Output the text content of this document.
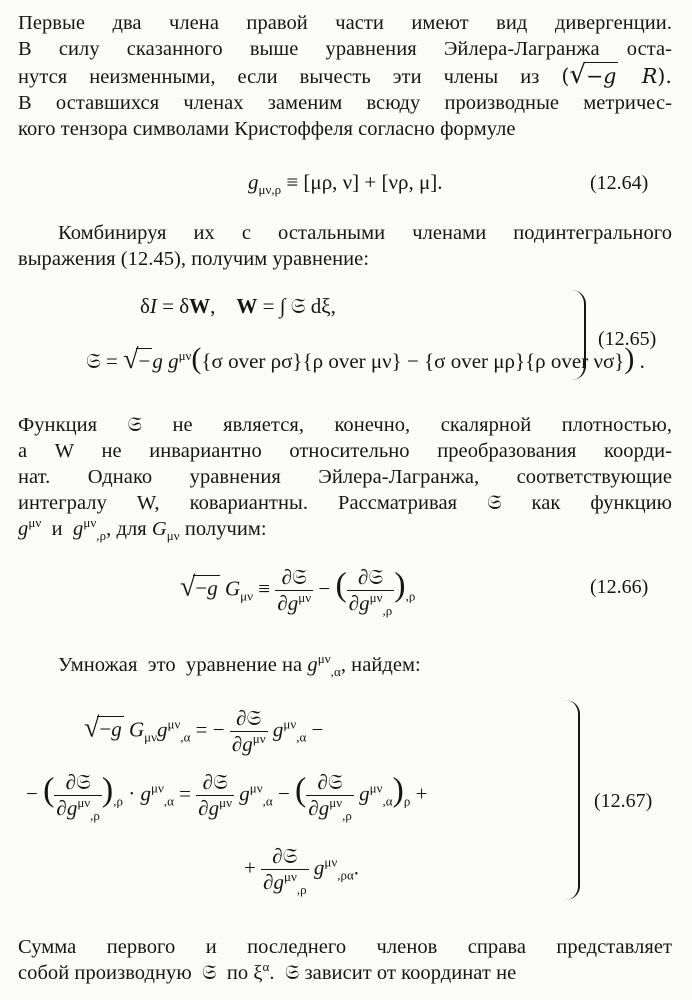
Первые два члена правой части имеют вид дивергенции.
В силу сказанного выше уравнения Эйлера-Лагранжа оста-
нутся неизменными, если вычесть эти члены из (√−g R).
В оставшихся членах заменим всюду производные метричес-
кого тензора символами Кристоффеля согласно формуле
$g_{\mu\nu,\rho} \equiv [\mu\rho$, ν] + [νρ, μ].	(12.64)
Комбинируя их с остальными членами подинтегрального
выражения (12.45), получим уравнение:
δI = δW,    W = ∫ 𝔖 dξ,
𝔖 = √−g $g^{\mu\nu}(\{\sigma$ over ρσ}{ρ over μν} − {σ over μρ}{ρ over νσ}) .
(12.65)
Функция 𝔖 не является, конечно, скалярной плотностью,
а W не инвариантно относительно преобразования коорди-
нат. Однако уравнения Эйлера-Лагранжа, соответствующие
интегралу W, ковариантны. Рассматривая 𝔖 как функцию
$g^{\mu\nu}$  и  $g^{\mu\nu}_{,\rho}$, для $G_{\mu\nu}$ получим:
√−g $G_{\mu\nu} \equiv \frac{\text{∂𝔖}}{\partial g^{\mu\nu}}$ − ( $\frac{\text{∂𝔖}}{\partial g^{\mu\nu}_{,\rho}} )_{,\rho}$	(12.66)
Умножая  это  уравнение на $g^{\mu\nu}_{,\alpha}$, найдем:
√−g $G_{\mu\nu}g^{\mu\nu}_{,\alpha}$ = − $\frac{\text{∂𝔖}}{\partial g^{\mu\nu}} g^{\mu\nu}_{,\alpha}$ −
− ( $\frac{\text{∂𝔖}}{\partial g^{\mu\nu}_{,\rho}} )_{,\rho} \cdot g^{\mu\nu}_{,\alpha} = \frac{\text{∂𝔖}}{\partial g^{\mu\nu}} g^{\mu\nu}_{,\alpha}$ − ( $\frac{\text{∂𝔖}}{\partial g^{\mu\nu}_{,\rho}} g^{\mu\nu}_{,\alpha})_\rho$ +
+ $\frac{\text{∂𝔖}}{\partial g^{\mu\nu}_{,\rho}} g^{\mu\nu}_{,\rho\alpha}$.
(12.67)
Сумма первого и последнего членов справа представляет
собой производную  𝔖  по $\xi^\alpha$.  𝔖 зависит от координат не
